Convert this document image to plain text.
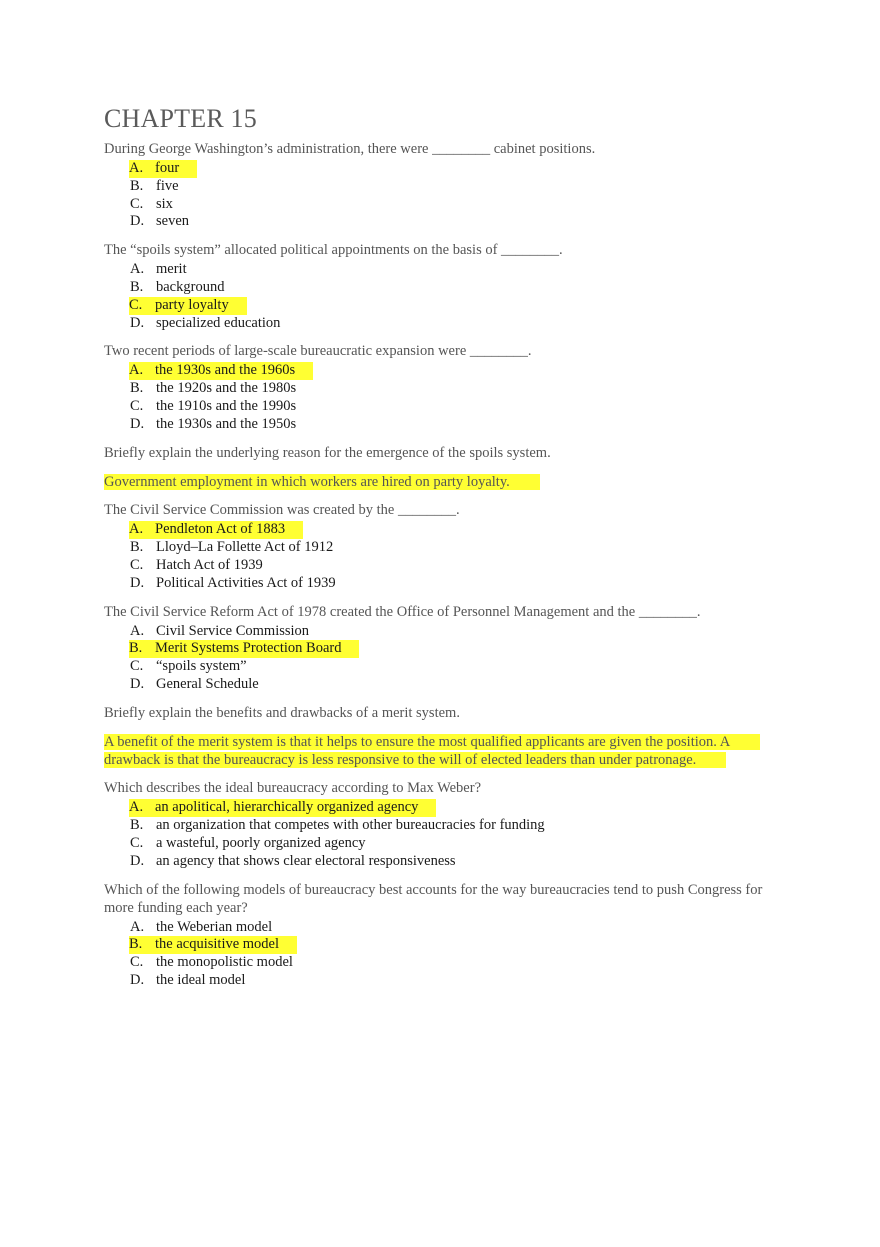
CHAPTER 15
During George Washington’s administration, there were ________ cabinet positions.
A. four
B. five
C. six
D. seven
The “spoils system” allocated political appointments on the basis of ________.
A. merit
B. background
C. party loyalty
D. specialized education
Two recent periods of large-scale bureaucratic expansion were ________.
A. the 1930s and the 1960s
B. the 1920s and the 1980s
C. the 1910s and the 1990s
D. the 1930s and the 1950s
Briefly explain the underlying reason for the emergence of the spoils system.
Government employment in which workers are hired on party loyalty.
The Civil Service Commission was created by the ________.
A. Pendleton Act of 1883
B. Lloyd–La Follette Act of 1912
C. Hatch Act of 1939
D. Political Activities Act of 1939
The Civil Service Reform Act of 1978 created the Office of Personnel Management and the ________.
A. Civil Service Commission
B. Merit Systems Protection Board
C. “spoils system”
D. General Schedule
Briefly explain the benefits and drawbacks of a merit system.
A benefit of the merit system is that it helps to ensure the most qualified applicants are given the position. A drawback is that the bureaucracy is less responsive to the will of elected leaders than under patronage.
Which describes the ideal bureaucracy according to Max Weber?
A. an apolitical, hierarchically organized agency
B. an organization that competes with other bureaucracies for funding
C. a wasteful, poorly organized agency
D. an agency that shows clear electoral responsiveness
Which of the following models of bureaucracy best accounts for the way bureaucracies tend to push Congress for more funding each year?
A. the Weberian model
B. the acquisitive model
C. the monopolistic model
D. the ideal model
